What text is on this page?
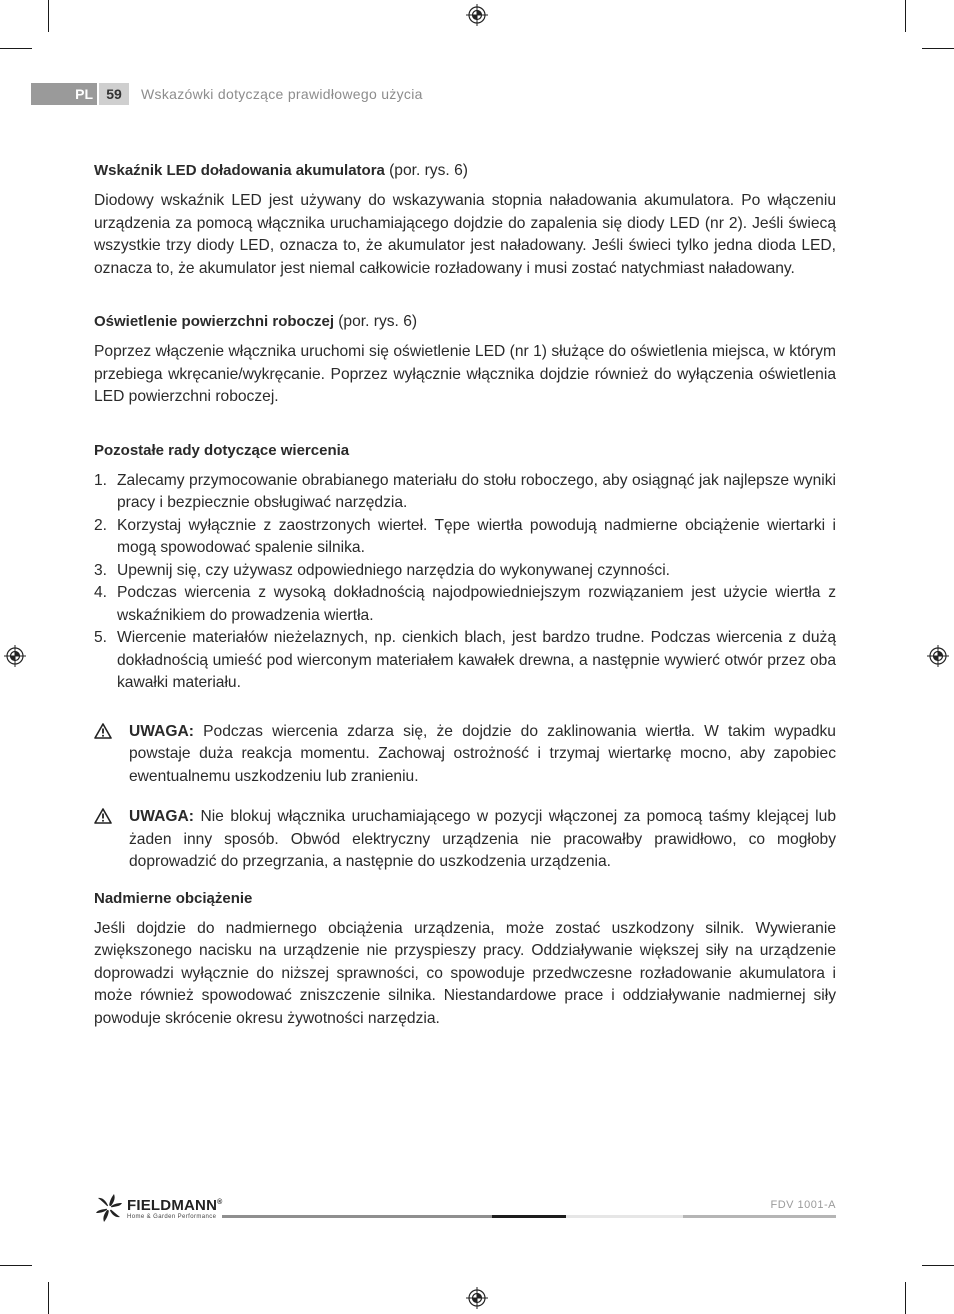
PL 59	Wskazówki dotyczące prawidłowego użycia
Wskaźnik LED doładowania akumulatora (por. rys. 6)

Diodowy wskaźnik LED jest używany do wskazywania stopnia naładowania akumulatora. Po włączeniu urządzenia za pomocą włącznika uruchamiającego dojdzie do zapalenia się diody LED (nr 2). Jeśli świecą wszystkie trzy diody LED, oznacza to, że akumulator jest naładowany. Jeśli świeci tylko jedna dioda LED, oznacza to, że akumulator jest niemal całkowicie rozładowany i musi zostać natychmiast naładowany.

Oświetlenie powierzchni roboczej (por. rys. 6)

Poprzez włączenie włącznika uruchomi się oświetlenie LED (nr 1) służące do oświetlenia miejsca, w którym przebiega wkręcanie/wykręcanie. Poprzez wyłącznie włącznika dojdzie również do wyłączenia oświetlenia LED powierzchni roboczej.

Pozostałe rady dotyczące wiercenia
1. Zalecamy przymocowanie obrabianego materiału do stołu roboczego, aby osiągnąć jak najlepsze wyniki pracy i bezpiecznie obsługiwać narzędzia.
2. Korzystaj wyłącznie z zaostrzonych wierteł. Tępe wiertła powodują nadmierne obciążenie wiertarki i mogą spowodować spalenie silnika.
3. Upewnij się, czy używasz odpowiedniego narzędzia do wykonywanej czynności.
4. Podczas wiercenia z wysoką dokładnością najodpowiedniejszym rozwiązaniem jest użycie wiertła z wskaźnikiem do prowadzenia wiertła.
5. Wiercenie materiałów nieżelaznych, np. cienkich blach, jest bardzo trudne. Podczas wiercenia z dużą dokładnością umieść pod wierconym materiałem kawałek drewna, a następnie wywierć otwór przez oba kawałki materiału.

UWAGA: Podczas wiercenia zdarza się, że dojdzie do zaklinowania wiertła. W takim wypadku powstaje duża reakcja momentu. Zachowaj ostrożność i trzymaj wiertarkę mocno, aby zapobiec ewentualnemu uszkodzeniu lub zranieniu.

UWAGA: Nie blokuj włącznika uruchamiającego w pozycji włączonej za pomocą taśmy klejącej lub żaden inny sposób. Obwód elektryczny urządzenia nie pracowałby prawidłowo, co mogłoby doprowadzić do przegrzania, a następnie do uszkodzenia urządzenia.

Nadmierne obciążenie

Jeśli dojdzie do nadmiernego obciążenia urządzenia, może zostać uszkodzony silnik. Wywieranie zwiększonego nacisku na urządzenie nie przyspieszy pracy. Oddziaływanie większej siły na urządzenie doprowadzi wyłącznie do niższej sprawności, co spowoduje przedwczesne rozładowanie akumulatora i może również spowodować zniszczenie silnika. Niestandardowe prace i oddziaływanie nadmiernej siły powoduje skrócenie okresu żywotności narzędzia.

FIELDMANN®
Home & Garden Performance
FDV 1001-A
